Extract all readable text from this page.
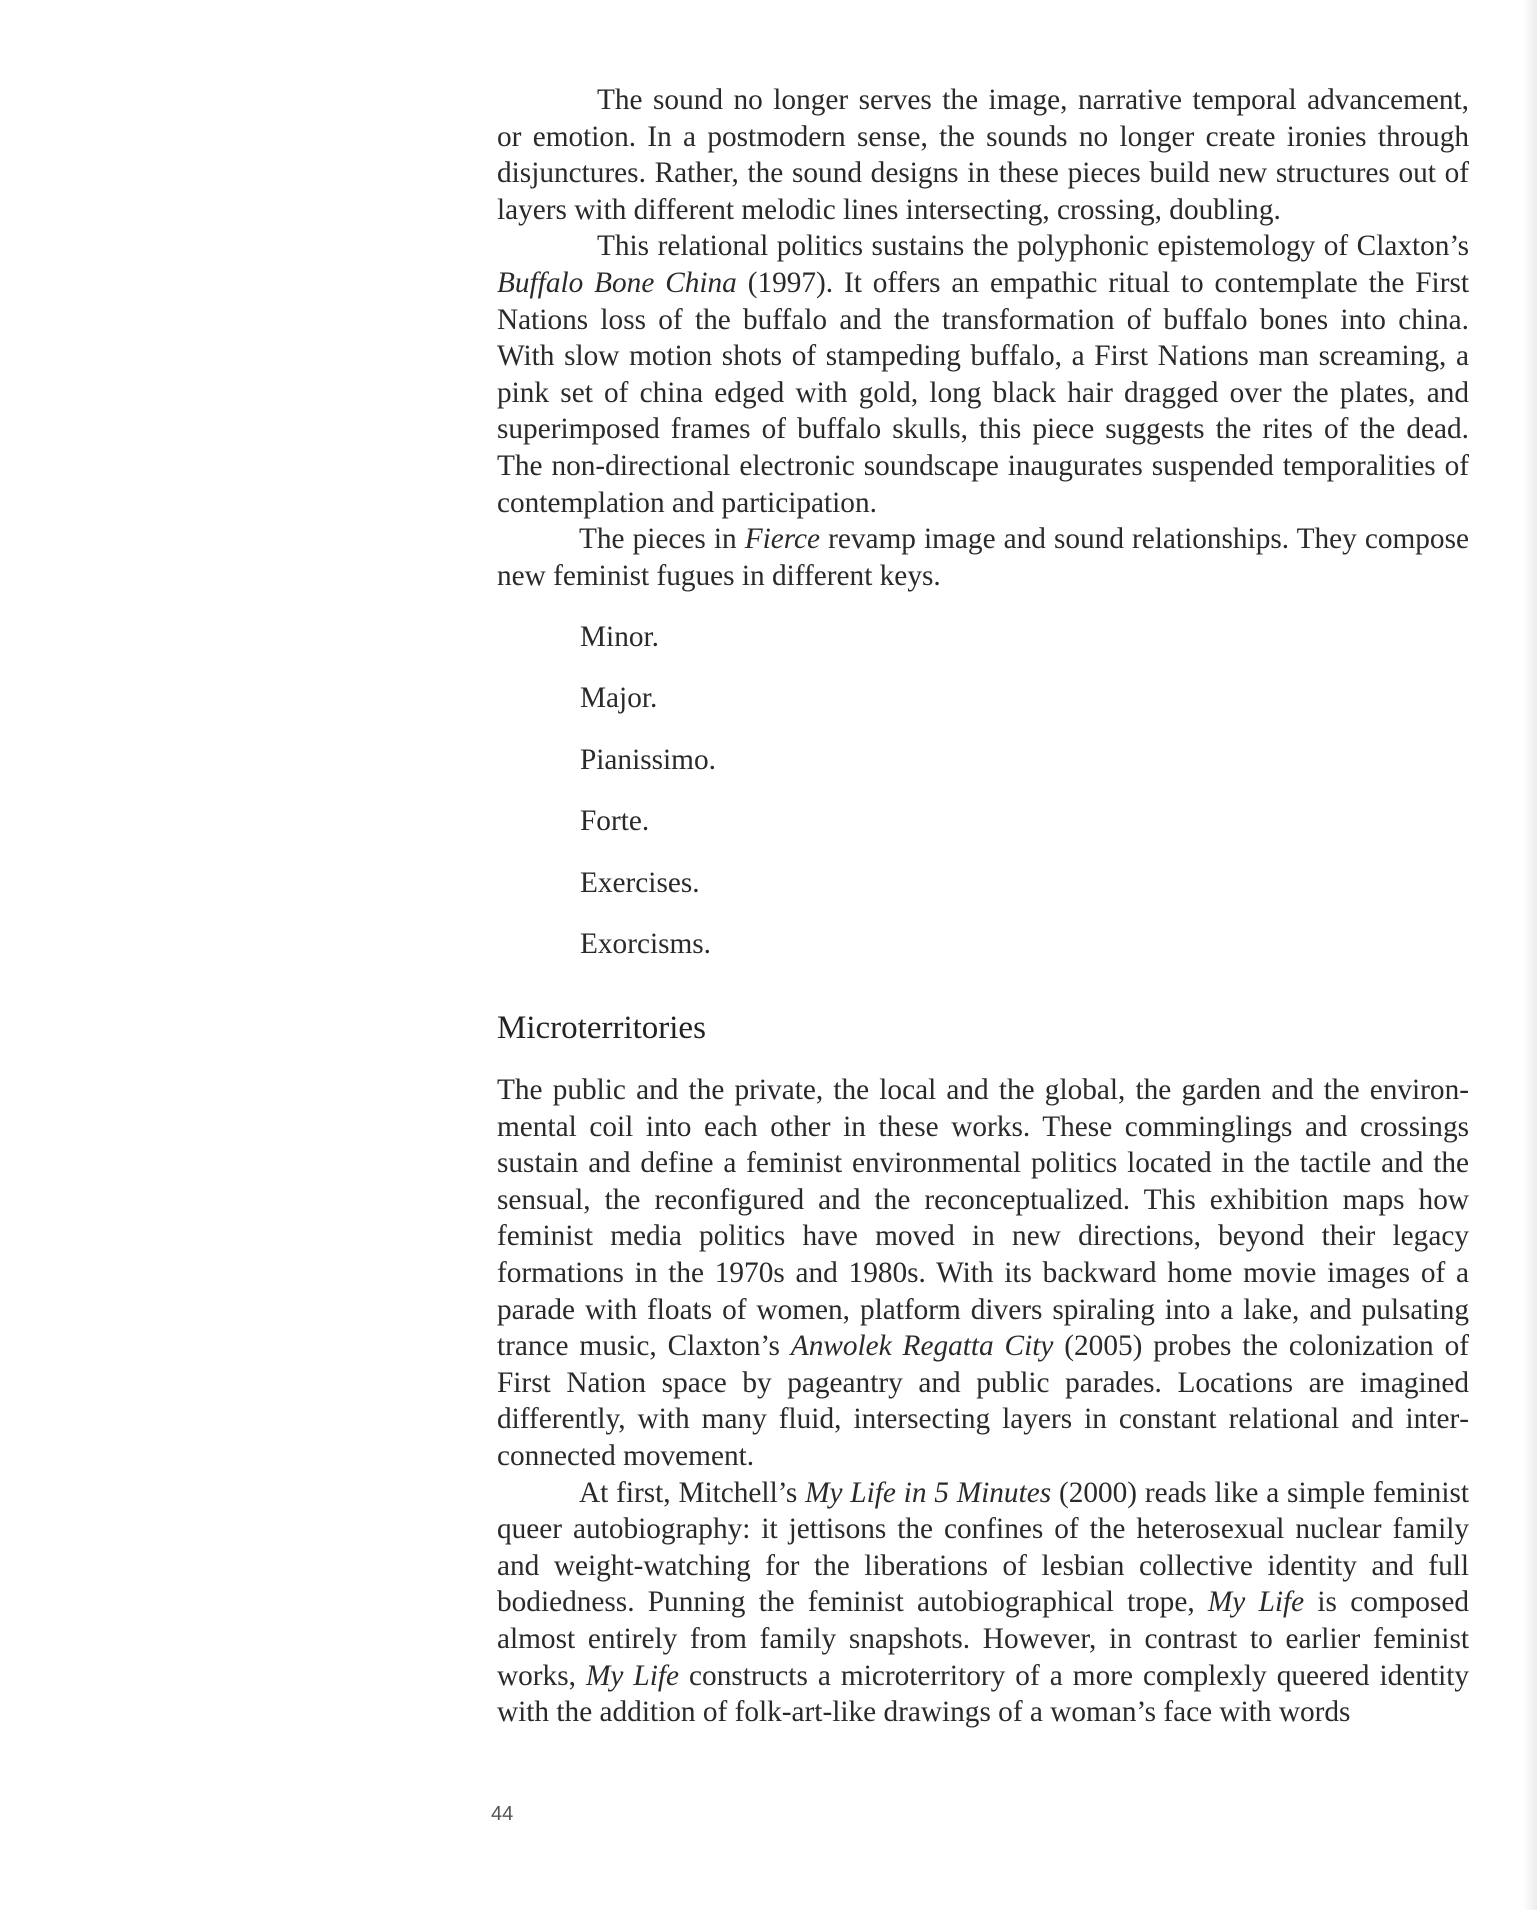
The sound no longer serves the image, narrative temporal advancement, or emotion. In a postmodern sense, the sounds no longer create ironies through disjunctures. Rather, the sound designs in these pieces build new structures out of layers with different melodic lines intersecting, crossing, doubling.

This relational politics sustains the polyphonic epistemology of Claxton’s Buffalo Bone China (1997). It offers an empathic ritual to contemplate the First Nations loss of the buffalo and the transformation of buffalo bones into china. With slow motion shots of stampeding buffalo, a First Nations man screaming, a pink set of china edged with gold, long black hair dragged over the plates, and superimposed frames of buffalo skulls, this piece suggests the rites of the dead. The non-directional electronic soundscape inaugurates suspended temporalities of contemplation and participation.

The pieces in Fierce revamp image and sound relationships. They compose new feminist fugues in different keys.

Minor.
Major.
Pianissimo.
Forte.
Exercises.
Exorcisms.
Microterritories

The public and the private, the local and the global, the garden and the environmental coil into each other in these works. These comminglings and crossings sustain and define a feminist environmental politics located in the tactile and the sensual, the reconfigured and the reconceptualized. This exhibition maps how feminist media politics have moved in new directions, beyond their legacy formations in the 1970s and 1980s. With its backward home movie images of a parade with floats of women, platform divers spiraling into a lake, and pulsating trance music, Claxton’s Anwolek Regatta City (2005) probes the colonization of First Nation space by pageantry and public parades. Locations are imagined differently, with many fluid, intersecting layers in constant relational and interconnected movement.

At first, Mitchell’s My Life in 5 Minutes (2000) reads like a simple feminist queer autobiography: it jettisons the confines of the heterosexual nuclear family and weight-watching for the liberations of lesbian collective identity and full bodiedness. Punning the feminist autobiographical trope, My Life is composed almost entirely from family snapshots. However, in contrast to earlier feminist works, My Life constructs a microterritory of a more complexly queered identity with the addition of folk-art-like drawings of a woman’s face with words

44
